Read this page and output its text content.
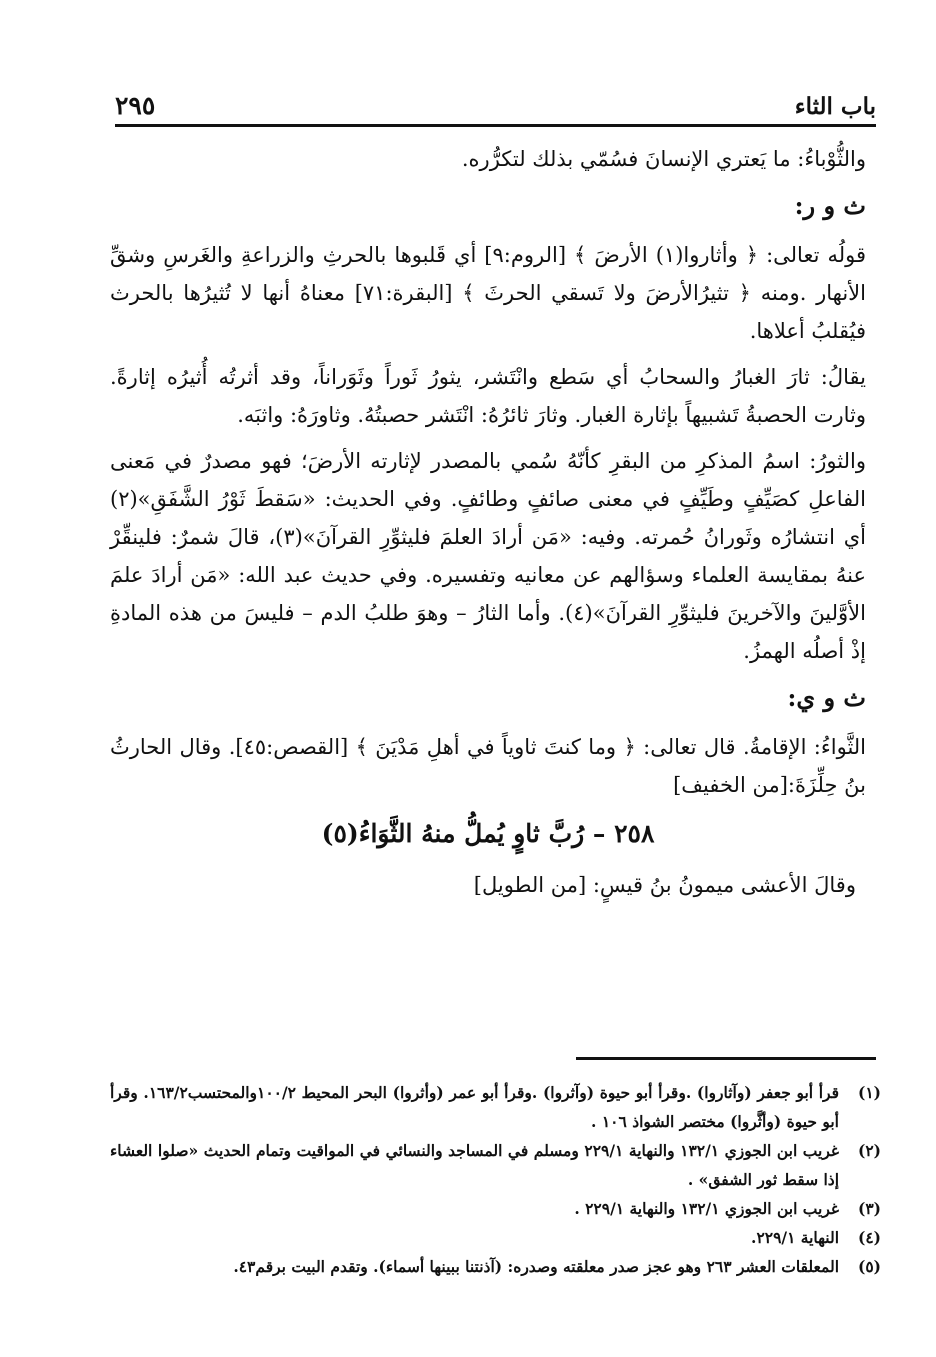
باب الثاء
٢٩٥

والثُّوْباءُ: ما يَعتري الإنسانَ فسُمّي بذلك لتكرُّره.

ث و ر:

قولُه تعالى: ﴿ وأثاروا(١) الأرضَ ﴾ [الروم:٩] أي قَلبوها بالحرثِ والزراعةِ والغَرسِ وشقِّ الأنهار .ومنه ﴿ تثيرُالأرضَ ولا تَسقي الحرثَ ﴾ [البقرة:٧١] معناهُ أنها لا تُثيرُها بالحرث فيُقلبُ أعلاها.

يقالُ: ثارَ الغبارُ والسحابُ أي سَطع وانْتَشر، يثورُ ثَوراً وثَوَراناً، وقد أثرتُه أُثيرُه إثارةً. وثارت الحصبةُ تَشبيهاً بإثارة الغبار. وثارَ ثائرُهُ: انْتَشر حصبتُهُ. وثاورَهُ: واثبَه.

والثورُ: اسمُ المذكرِ من البقرِ كأنّهُ سُمي بالمصدر لإثارته الأرضَ؛ فهو مصدرٌ في مَعنى الفاعلِ كصَيِّفٍ وطَيِّفٍ في معنى صائفٍ وطائفٍ. وفي الحديث: «سَقطَ ثَوْرُ الشَّفَقِ»(٢) أي انتشارُه وثَورانُ حُمرته. وفيه: «مَن أرادَ العلمَ فليثوِّرِ القرآنَ»(٣)، قالَ شمرٌ: فلينقِّرْ عنهُ بمقايسة العلماء وسؤالهم عن معانيه وتفسيره. وفي حديث عبد الله: «مَن أرادَ علمَ الأوَّلينَ والآخرينَ فليثوِّرِ القرآنَ»(٤). وأما الثارُ – وهوَ طلبُ الدم – فليسَ من هذه المادةِ إذْ أصلُه الهمزُ.

ث و ي:

الثَّواءُ: الإقامةُ. قال تعالى: ﴿ وما كنتَ ثاوياً في أهلِ مَدْيَنَ ﴾ [القصص:٤٥]. وقال الحارثُ بنُ حِلِّزَةَ:[من الخفيف]

٢٥٨ – رُبَّ ثاوٍ يُملُّ منهُ الثَّوَاءُ(٥)

وقالَ الأعشى ميمونُ بنُ قيسٍ: [من الطويل]

(١)
قرأ أبو جعفر (وآثاروا) .وقرأ أبو حيوة (وآثروا) .وقرأ أبو عمر (وأثروا) البحر المحيط ١٠٠/٢والمحتسب١٦٣/٢. وقرأ أبو حيوة (وأثَّروا) مختصر الشواذ ١٠٦ .
(٢)
غريب ابن الجوزي ١٣٢/١ والنهاية ٢٢٩/١ ومسلم في المساجد والنسائي في المواقيت وتمام الحديث «صلوا العشاء إذا سقط ثور الشفق» .
(٣)
غريب ابن الجوزي ١٣٢/١ والنهاية ٢٢٩/١ .
(٤)
النهاية ٢٢٩/١.
(٥)
المعلقات العشر ٢٦٣ وهو عجز صدر معلقته وصدره: (آذنتنا ببينها أسماء). وتقدم البيت برقم٤٣.
